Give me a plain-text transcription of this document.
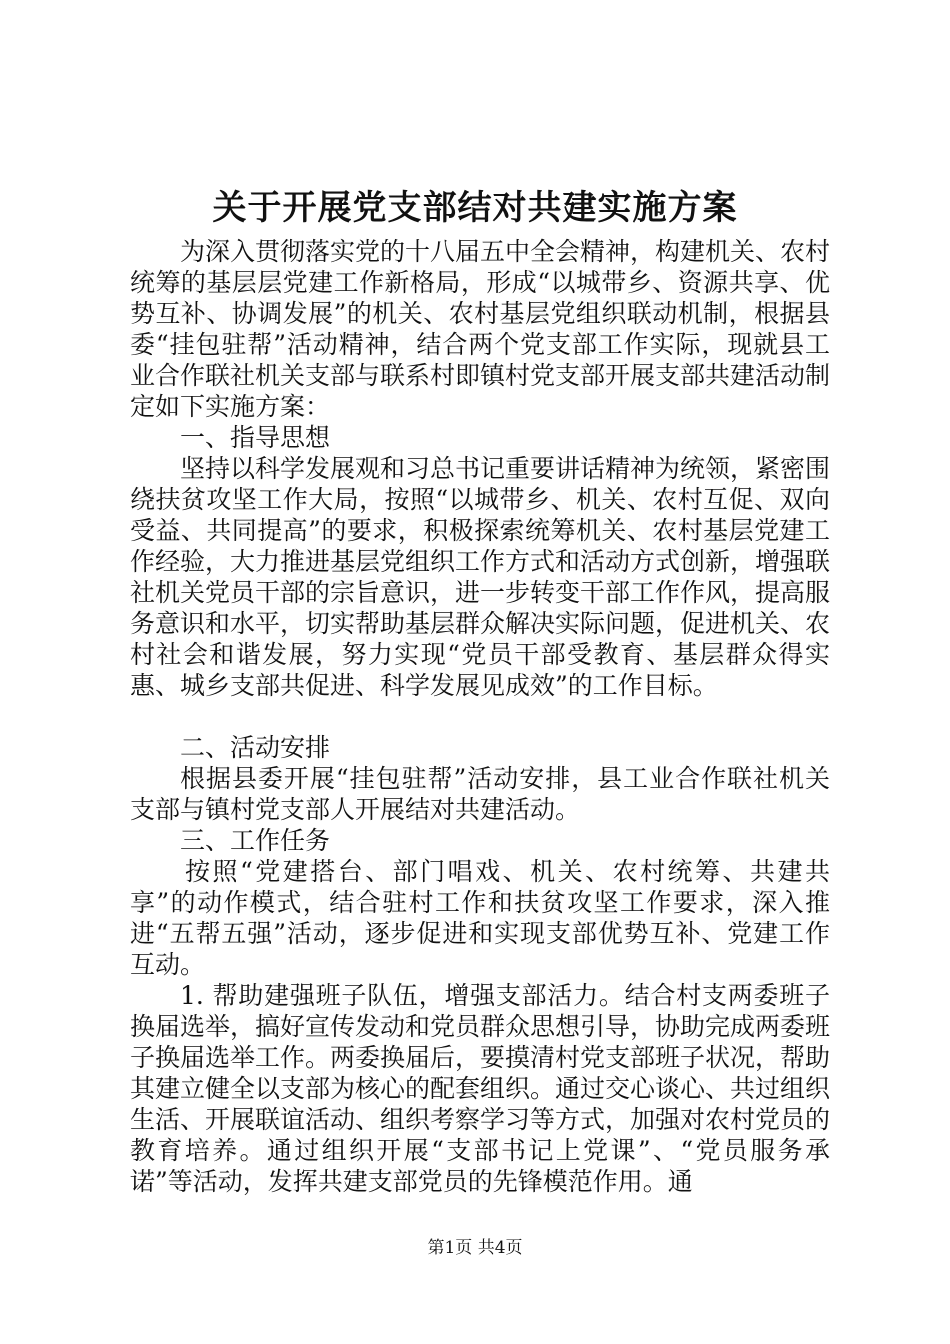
关于开展党支部结对共建实施方案

为深入贯彻落实党的十八届五中全会精神，构建机关、农村统筹的基层层党建工作新格局，形成“以城带乡、资源共享、优势互补、协调发展”的机关、农村基层党组织联动机制，根据县委“挂包驻帮”活动精神，结合两个党支部工作实际，现就县工业合作联社机关支部与联系村即镇村党支部开展支部共建活动制定如下实施方案：

一、指导思想

坚持以科学发展观和习总书记重要讲话精神为统领，紧密围绕扶贫攻坚工作大局，按照“以城带乡、机关、农村互促、双向受益、共同提高”的要求，积极探索统筹机关、农村基层党建工作经验，大力推进基层党组织工作方式和活动方式创新，增强联社机关党员干部的宗旨意识，进一步转变干部工作作风，提高服务意识和水平，切实帮助基层群众解决实际问题，促进机关、农村社会和谐发展，努力实现“党员干部受教育、基层群众得实惠、城乡支部共促进、科学发展见成效”的工作目标。

二、活动安排

根据县委开展“挂包驻帮”活动安排，县工业合作联社机关支部与镇村党支部人开展结对共建活动。

三、工作任务

按照“党建搭台、部门唱戏、机关、农村统筹、共建共享”的动作模式，结合驻村工作和扶贫攻坚工作要求，深入推进“五帮五强”活动，逐步促进和实现支部优势互补、党建工作互动。

1. 帮助建强班子队伍，增强支部活力。结合村支两委班子换届选举，搞好宣传发动和党员群众思想引导，协助完成两委班子换届选举工作。两委换届后，要摸清村党支部班子状况，帮助其建立健全以支部为核心的配套组织。通过交心谈心、共过组织生活、开展联谊活动、组织考察学习等方式，加强对农村党员的教育培养。通过组织开展“支部书记上党课”、“党员服务承诺”等活动，发挥共建支部党员的先锋模范作用。通

第1页 共4页
